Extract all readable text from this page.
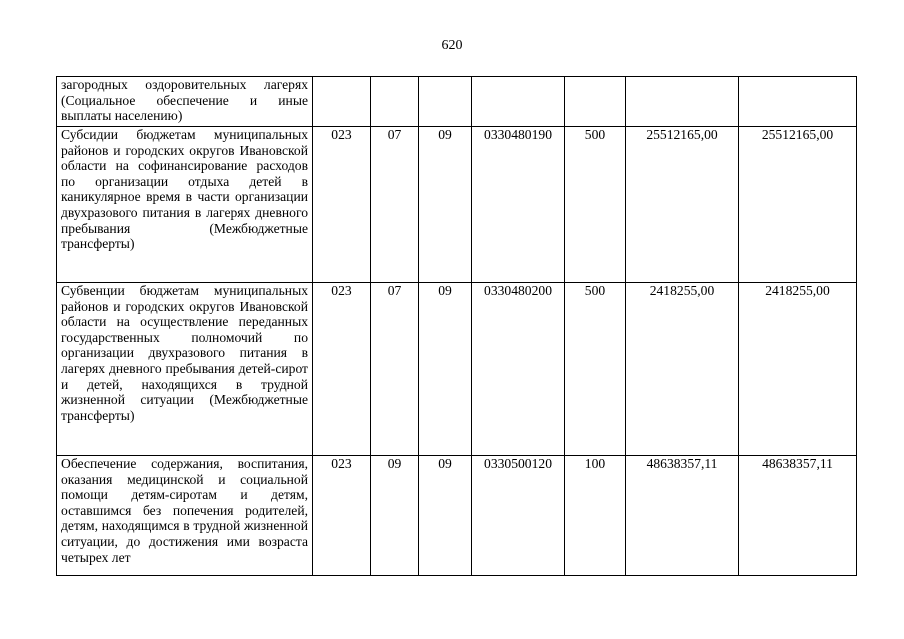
620
загородных оздоровительных лагерях (Социальное обеспечение и иные выплаты населению)							
Субсидии бюджетам муниципальных районов и городских округов Ивановской области на софинансирование расходов по организации отдыха детей в каникулярное время в части организации двухразового питания в лагерях дневного пребывания (Межбюджетные трансферты)	023	07	09	0330480190	500	25512165,00	25512165,00
Субвенции бюджетам муниципальных районов и городских округов Ивановской области на осуществление переданных государственных полномочий по организации двухразового питания в лагерях дневного пребывания детей-сирот и детей, находящихся в трудной жизненной ситуации (Межбюджетные трансферты)	023	07	09	0330480200	500	2418255,00	2418255,00
Обеспечение содержания, воспитания, оказания медицинской и социальной помощи детям-сиротам и детям, оставшимся без попечения родителей, детям, находящимся в трудной жизненной ситуации, до достижения ими возраста четырех лет	023	09	09	0330500120	100	48638357,11	48638357,11
